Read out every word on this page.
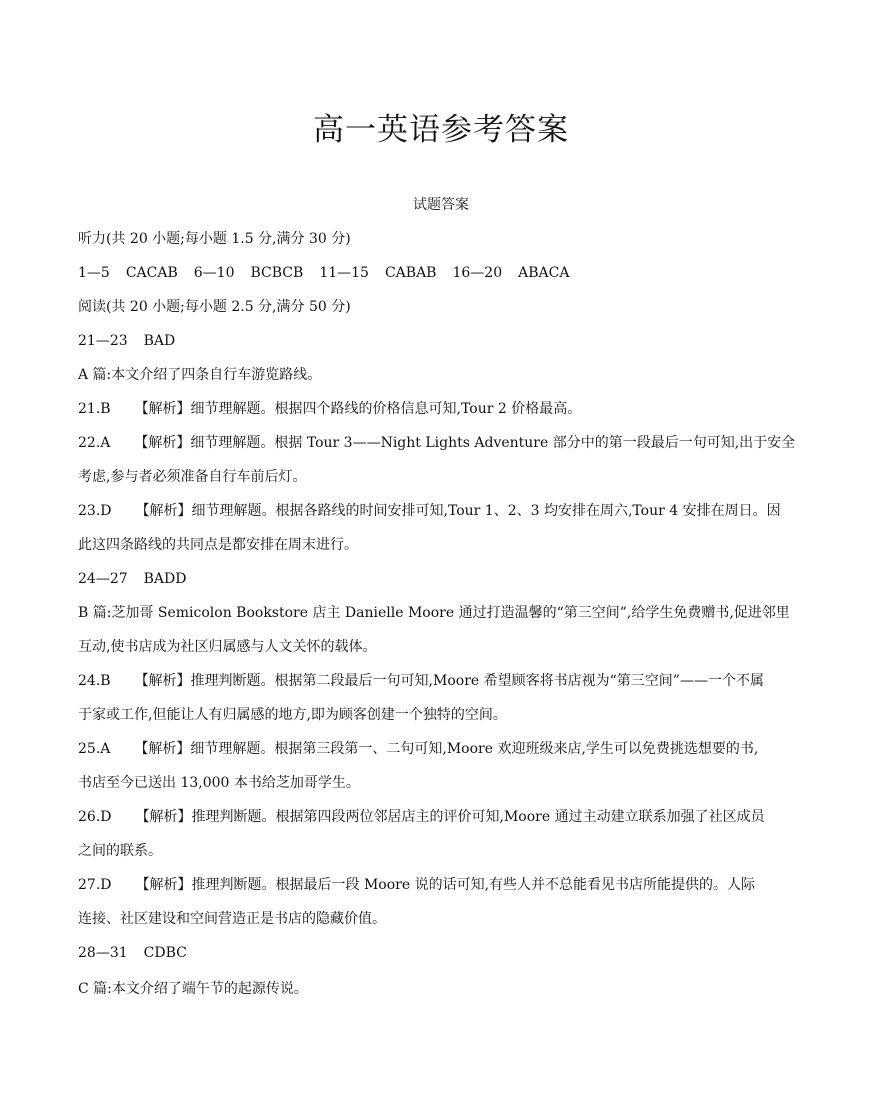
高一英语参考答案
试题答案
听力(共 20 小题;每小题 1.5 分,满分 30 分)
1—5 CACAB 6—10 BCBCB 11—15 CABAB 16—20 ABACA
阅读(共 20 小题;每小题 2.5 分,满分 50 分)
21—23 BAD
A 篇:本文介绍了四条自行车游览路线。
21.B 【解析】细节理解题。根据四个路线的价格信息可知,Tour 2 价格最高。
22.A 【解析】细节理解题。根据 Tour 3——Night Lights Adventure 部分中的第一段最后一句可知,出于安全
考虑,参与者必须准备自行车前后灯。
23.D 【解析】细节理解题。根据各路线的时间安排可知,Tour 1、2、3 均安排在周六,Tour 4 安排在周日。因
此这四条路线的共同点是都安排在周末进行。
24—27 BADD
B 篇:芝加哥 Semicolon Bookstore 店主 Danielle Moore 通过打造温馨的“第三空间”,给学生免费赠书,促进邻里
互动,使书店成为社区归属感与人文关怀的载体。
24.B 【解析】推理判断题。根据第二段最后一句可知,Moore 希望顾客将书店视为“第三空间”——一个不属
于家或工作,但能让人有归属感的地方,即为顾客创建一个独特的空间。
25.A 【解析】细节理解题。根据第三段第一、二句可知,Moore 欢迎班级来店,学生可以免费挑选想要的书,
书店至今已送出 13,000 本书给芝加哥学生。
26.D 【解析】推理判断题。根据第四段两位邻居店主的评价可知,Moore 通过主动建立联系加强了社区成员
之间的联系。
27.D 【解析】推理判断题。根据最后一段 Moore 说的话可知,有些人并不总能看见书店所能提供的。人际
连接、社区建设和空间营造正是书店的隐藏价值。
28—31 CDBC
C 篇:本文介绍了端午节的起源传说。
